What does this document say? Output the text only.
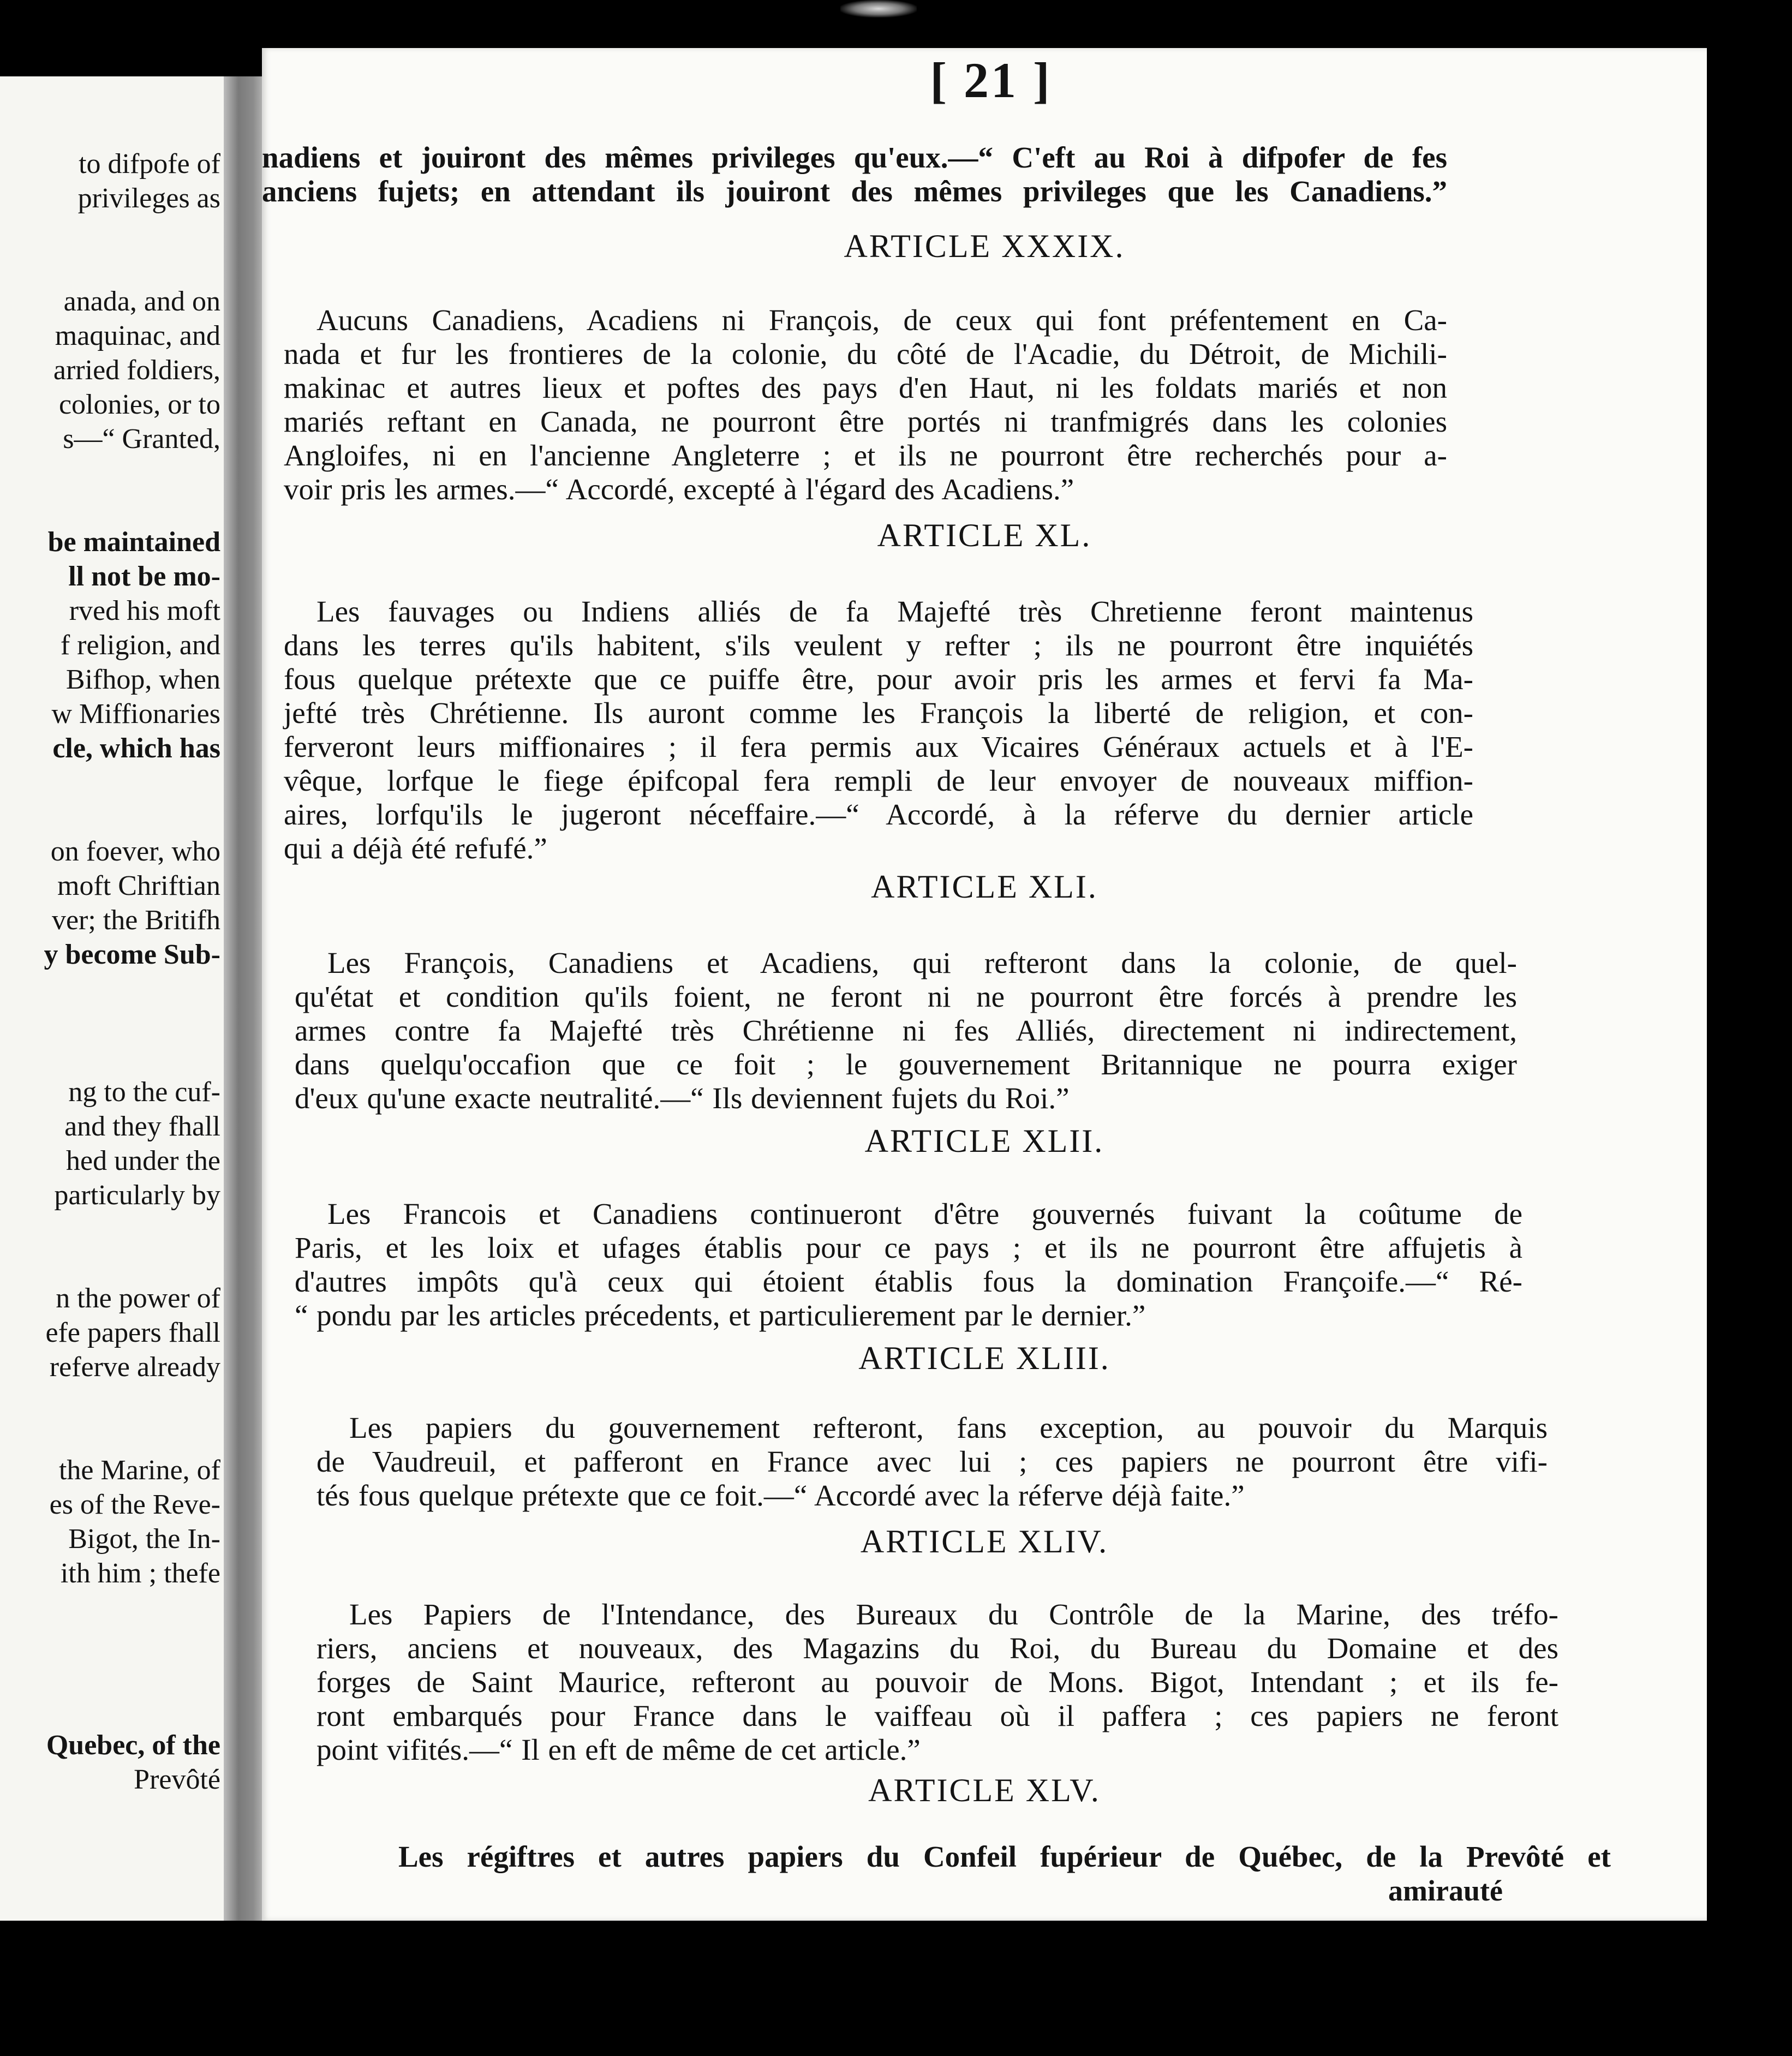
to difpofe of
privileges as
anada, and on
maquinac, and
arried foldiers,
colonies, or to
s—“ Granted,
be maintained
ll not be mo-
rved his moft
f religion, and
Bifhop, when
w Miffionaries
cle, which has
on foever, who
moft Chriftian
ver; the Britifh
y become Sub-
ng to the cuf-
and they fhall
hed under the
particularly by
n the power of
efe papers fhall
referve already
the Marine, of
es of the Reve-
Bigot, the In-
ith him ; thefe
Quebec, of the
Prevôté
[ 21 ]
nadiens et jouiront des mêmes privileges qu'eux.—“ C'eft au Roi à difpofer de fes
anciens fujets; en attendant ils jouiront des mêmes privileges que les Canadiens.”
ARTICLE XXXIX.
Aucuns Canadiens, Acadiens ni François, de ceux qui font préfentement en Ca-
nada et fur les frontieres de la colonie, du côté de l'Acadie, du Détroit, de Michili-
makinac et autres lieux et poftes des pays d'en Haut, ni les foldats mariés et non
mariés reftant en Canada, ne pourront être portés ni tranfmigrés dans les colonies
Angloifes, ni en l'ancienne Angleterre ; et ils ne pourront être recherchés pour a-
voir pris les armes.—“ Accordé, excepté à l'égard des Acadiens.”
ARTICLE XL.
Les fauvages ou Indiens alliés de fa Majefté très Chretienne feront maintenus
dans les terres qu'ils habitent, s'ils veulent y refter ; ils ne pourront être inquiétés
fous quelque prétexte que ce puiffe être, pour avoir pris les armes et fervi fa Ma-
jefté très Chrétienne. Ils auront comme les François la liberté de religion, et con-
ferveront leurs miffionaires ; il fera permis aux Vicaires Généraux actuels et à l'E-
vêque, lorfque le fiege épifcopal fera rempli de leur envoyer de nouveaux miffion-
aires, lorfqu'ils le jugeront néceffaire.—“ Accordé, à la réferve du dernier article
qui a déjà été refufé.”
ARTICLE XLI.
Les François, Canadiens et Acadiens, qui refteront dans la colonie, de quel-
qu'état et condition qu'ils foient, ne feront ni ne pourront être forcés à prendre les
armes contre fa Majefté très Chrétienne ni fes Alliés, directement ni indirectement,
dans quelqu'occafion que ce foit ; le gouvernement Britannique ne pourra exiger
d'eux qu'une exacte neutralité.—“ Ils deviennent fujets du Roi.”
ARTICLE XLII.
Les Francois et Canadiens continueront d'être gouvernés fuivant la coûtume de
Paris, et les loix et ufages établis pour ce pays ; et ils ne pourront être affujetis à
d'autres impôts qu'à ceux qui étoient établis fous la domination Françoife.—“ Ré-
“ pondu par les articles précedents, et particulierement par le dernier.”
ARTICLE XLIII.
Les papiers du gouvernement refteront, fans exception, au pouvoir du Marquis
de Vaudreuil, et pafferont en France avec lui ; ces papiers ne pourront être vifi-
tés fous quelque prétexte que ce foit.—“ Accordé avec la réferve déjà faite.”
ARTICLE XLIV.
Les Papiers de l'Intendance, des Bureaux du Contrôle de la Marine, des tréfo-
riers, anciens et nouveaux, des Magazins du Roi, du Bureau du Domaine et des
forges de Saint Maurice, refteront au pouvoir de Mons. Bigot, Intendant ; et ils fe-
ront embarqués pour France dans le vaiffeau où il paffera ; ces papiers ne feront
point vifités.—“ Il en eft de même de cet article.”
ARTICLE XLV.
Les régiftres et autres papiers du Confeil fupérieur de Québec, de la Prevôté et
amirauté
